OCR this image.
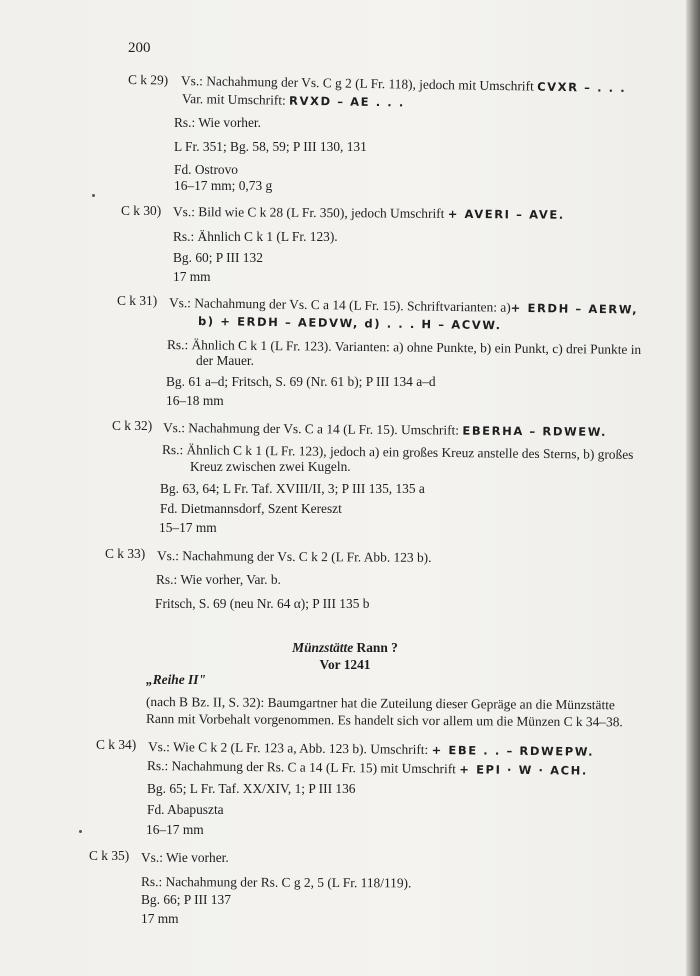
200
C k 29) Vs.: Nachahmung der Vs. C g 2 (L Fr. 118), jedoch mit Umschrift CVXR – . . .
Var. mit Umschrift: RVXD – AE . . .
Rs.: Wie vorher.
L Fr. 351; Bg. 58, 59; P III 130, 131
Fd. Ostrovo
16–17 mm; 0,73 g
C k 30) Vs.: Bild wie C k 28 (L Fr. 350), jedoch Umschrift + AVERI – AVE.
Rs.: Ähnlich C k 1 (L Fr. 123).
Bg. 60; P III 132
17 mm
C k 31) Vs.: Nachahmung der Vs. C a 14 (L Fr. 15). Schriftvarianten: a)+ ERDH – AERW,
b) + ERDH – AEDVW, d) . . . H – ACVW.
Rs.: Ähnlich C k 1 (L Fr. 123). Varianten: a) ohne Punkte, b) ein Punkt, c) drei Punkte in
der Mauer.
Bg. 61 a–d; Fritsch, S. 69 (Nr. 61 b); P III 134 a–d
16–18 mm
C k 32) Vs.: Nachahmung der Vs. C a 14 (L Fr. 15). Umschrift: EBERHA – RDWEW.
Rs.: Ähnlich C k 1 (L Fr. 123), jedoch a) ein großes Kreuz anstelle des Sterns, b) großes
Kreuz zwischen zwei Kugeln.
Bg. 63, 64; L Fr. Taf. XVIII/II, 3; P III 135, 135 a
Fd. Dietmannsdorf, Szent Kereszt
15–17 mm
C k 33) Vs.: Nachahmung der Vs. C k 2 (L Fr. Abb. 123 b).
Rs.: Wie vorher, Var. b.
Fritsch, S. 69 (neu Nr. 64 α); P III 135 b
Münzstätte Rann ?
Vor 1241
„Reihe II"
(nach B Bz. II, S. 32): Baumgartner hat die Zuteilung dieser Gepräge an die Münzstätte
Rann mit Vorbehalt vorgenommen. Es handelt sich vor allem um die Münzen C k 34–38.
C k 34) Vs.: Wie C k 2 (L Fr. 123 a, Abb. 123 b). Umschrift: + EBE . . – RDWEPW.
Rs.: Nachahmung der Rs. C a 14 (L Fr. 15) mit Umschrift + EPI · W · ACH.
Bg. 65; L Fr. Taf. XX/XIV, 1; P III 136
Fd. Abapuszta
16–17 mm
C k 35) Vs.: Wie vorher.
Rs.: Nachahmung der Rs. C g 2, 5 (L Fr. 118/119).
Bg. 66; P III 137
17 mm
